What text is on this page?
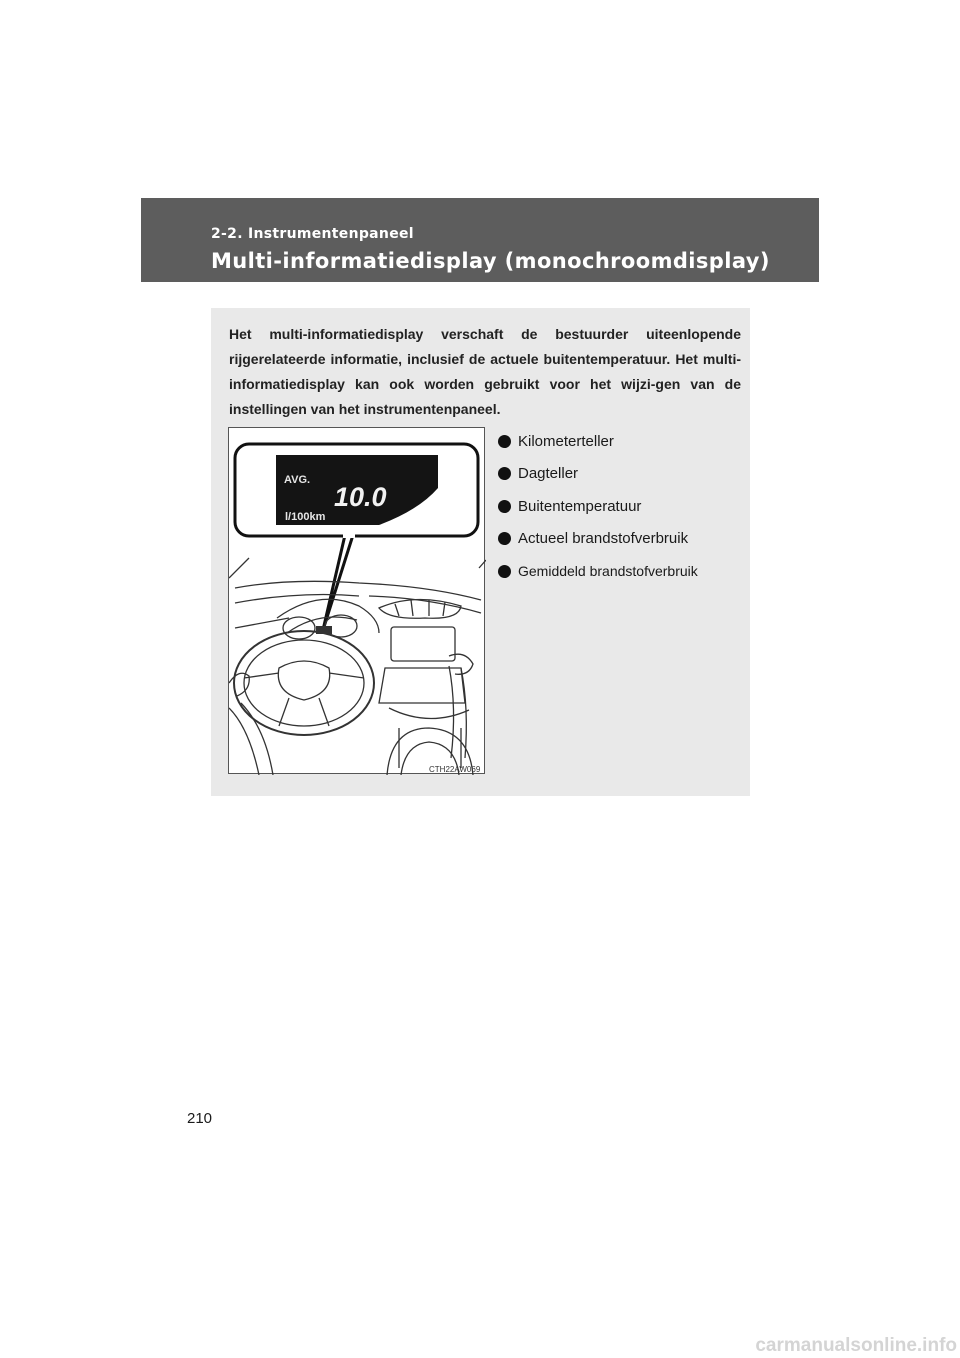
2-2. Instrumentenpaneel
Multi-informatiedisplay (monochroomdisplay)
Het multi-informatiedisplay verschaft de bestuurder uiteenlopende rijgerelateerde informatie, inclusief de actuele buitentemperatuur. Het multi-informatiedisplay kan ook worden gebruikt voor het wijzi-gen van de instellingen van het instrumentenpaneel.
AVG.
10.0
l/100km
CTH22AW069
Kilometerteller
Dagteller
Buitentemperatuur
Actueel brandstofverbruik
Gemiddeld brandstofverbruik
210
carmanualsonline.info
